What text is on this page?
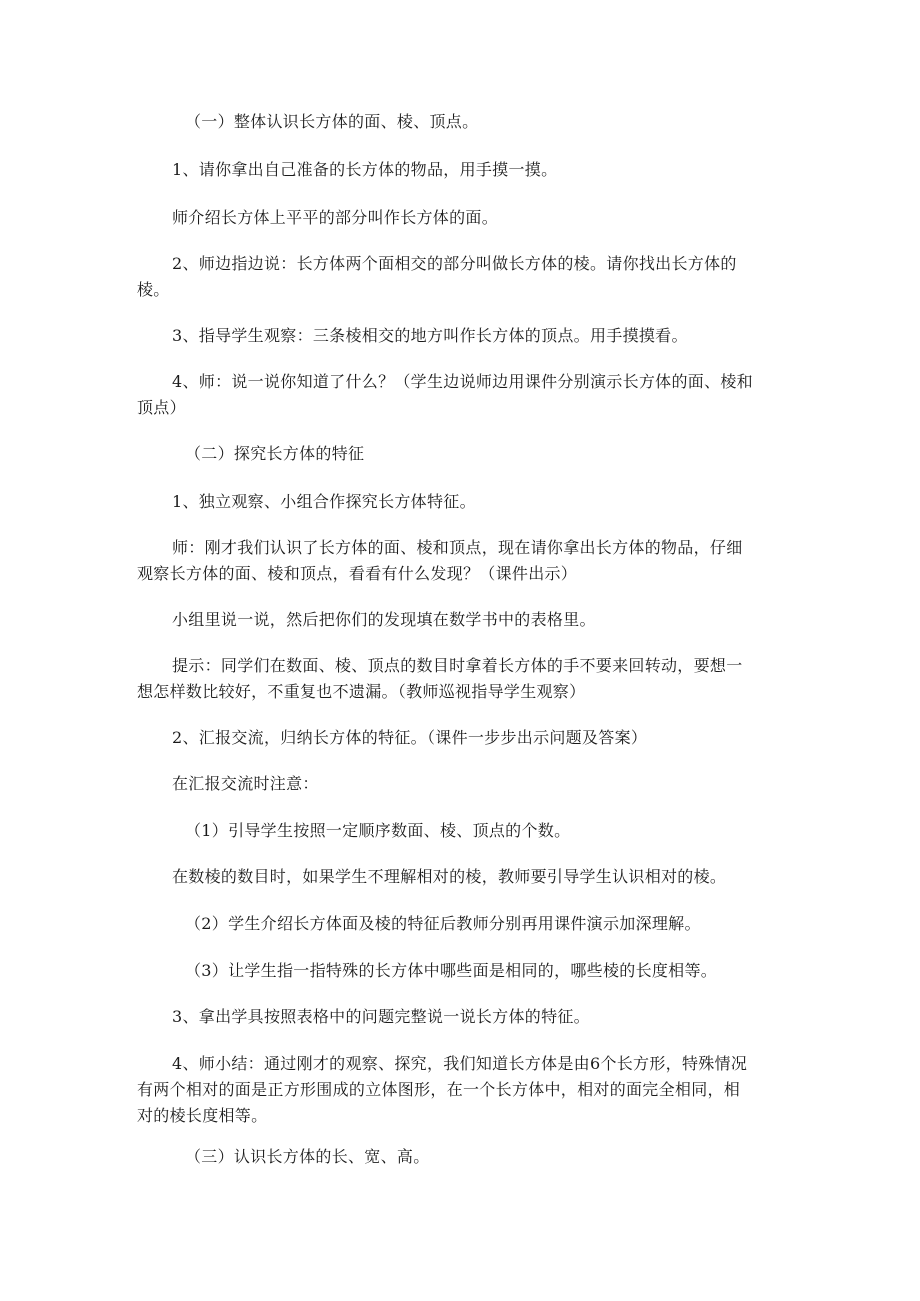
（一）整体认识长方体的面、棱、顶点。
1、请你拿出自己准备的长方体的物品，用手摸一摸。
师介绍长方体上平平的部分叫作长方体的面。
2、师边指边说：长方体两个面相交的部分叫做长方体的棱。请你找出长方体的
棱。
3、指导学生观察：三条棱相交的地方叫作长方体的顶点。用手摸摸看。
4、师：说一说你知道了什么？（学生边说师边用课件分别演示长方体的面、棱和
顶点）
（二）探究长方体的特征
1、独立观察、小组合作探究长方体特征。
师：刚才我们认识了长方体的面、棱和顶点，现在请你拿出长方体的物品，仔细
观察长方体的面、棱和顶点，看看有什么发现？（课件出示）
小组里说一说，然后把你们的发现填在数学书中的表格里。
提示：同学们在数面、棱、顶点的数目时拿着长方体的手不要来回转动，要想一
想怎样数比较好，不重复也不遗漏。（教师巡视指导学生观察）
2、汇报交流，归纳长方体的特征。（课件一步步出示问题及答案）
在汇报交流时注意：
（1）引导学生按照一定顺序数面、棱、顶点的个数。
在数棱的数目时，如果学生不理解相对的棱，教师要引导学生认识相对的棱。
（2）学生介绍长方体面及棱的特征后教师分别再用课件演示加深理解。
（3）让学生指一指特殊的长方体中哪些面是相同的，哪些棱的长度相等。
3、拿出学具按照表格中的问题完整说一说长方体的特征。
4、师小结：通过刚才的观察、探究，我们知道长方体是由6个长方形，特殊情况
有两个相对的面是正方形围成的立体图形，在一个长方体中，相对的面完全相同，相
对的棱长度相等。
（三）认识长方体的长、宽、高。
